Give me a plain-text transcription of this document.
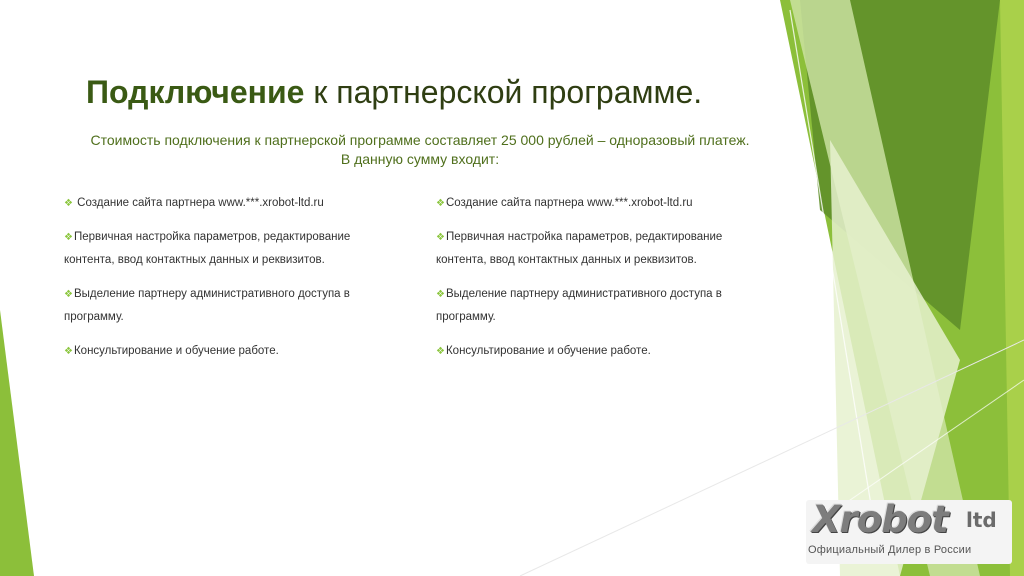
Подключение к партнерской программе.
Стоимость подключения к партнерской программе составляет 25 000 рублей – одноразовый платеж.
В данную сумму входит:
❖ Создание сайта партнера www.***.xrobot-ltd.ru
❖Первичная настройка параметров, редактирование контента, ввод контактных данных и реквизитов.
❖Выделение партнеру административного доступа в программу.
❖Консультирование и обучение работе.
❖Создание сайта партнера www.***.xrobot-ltd.ru
❖Первичная настройка параметров, редактирование контента, ввод контактных данных и реквизитов.
❖Выделение партнеру административного доступа в программу.
❖Консультирование и обучение работе.
Xrobot ltd
Официальный Дилер в России
